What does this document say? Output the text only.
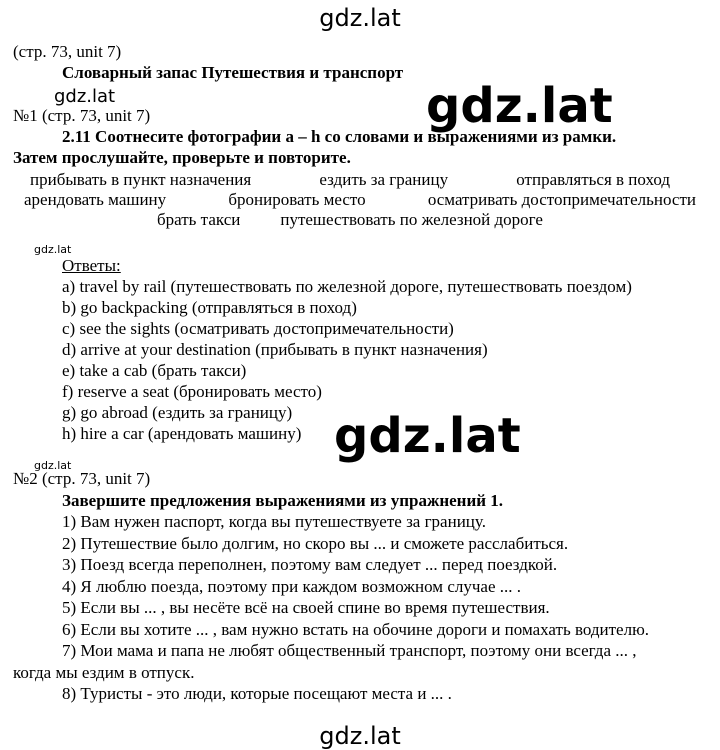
gdz.lat
(стр. 73, unit 7)
Словарный запас Путешествия и транспорт
gdz.lat	gdz.lat
№1 (стр. 73, unit 7)
2.11 Соотнесите фотографии a – h со словами и выражениями из рамки.
Затем прослушайте, проверьте и повторите.
прибывать в пункт назначения	ездить за границу	отправляться в поход
арендовать машину	бронировать место	осматривать достопримечательности
брать такси путешествовать по железной дороге
gdz.lat
Ответы:
a) travel by rail (путешествовать по железной дороге, путешествовать поездом)
b) go backpacking (отправляться в поход)
c) see the sights (осматривать достопримечательности)
d) arrive at your destination (прибывать в пункт назначения)
e) take a cab (брать такси)
f) reserve a seat (бронировать место)
g) go abroad (ездить за границу)
h) hire a car (арендовать машину) gdz.lat
gdz.lat
№2 (стр. 73, unit 7)
Завершите предложения выражениями из упражнений 1.
1) Вам нужен паспорт, когда вы путешествуете за границу.
2) Путешествие было долгим, но скоро вы ... и сможете расслабиться.
3) Поезд всегда переполнен, поэтому вам следует ... перед поездкой.
4) Я люблю поезда, поэтому при каждом возможном случае ... .
5) Если вы ... , вы несёте всё на своей спине во время путешествия.
6) Если вы хотите ... , вам нужно встать на обочине дороги и помахать водителю.
7) Мои мама и папа не любят общественный транспорт, поэтому они всегда ... ,
когда мы ездим в отпуск.
8) Туристы - это люди, которые посещают места и ... .
gdz.lat
